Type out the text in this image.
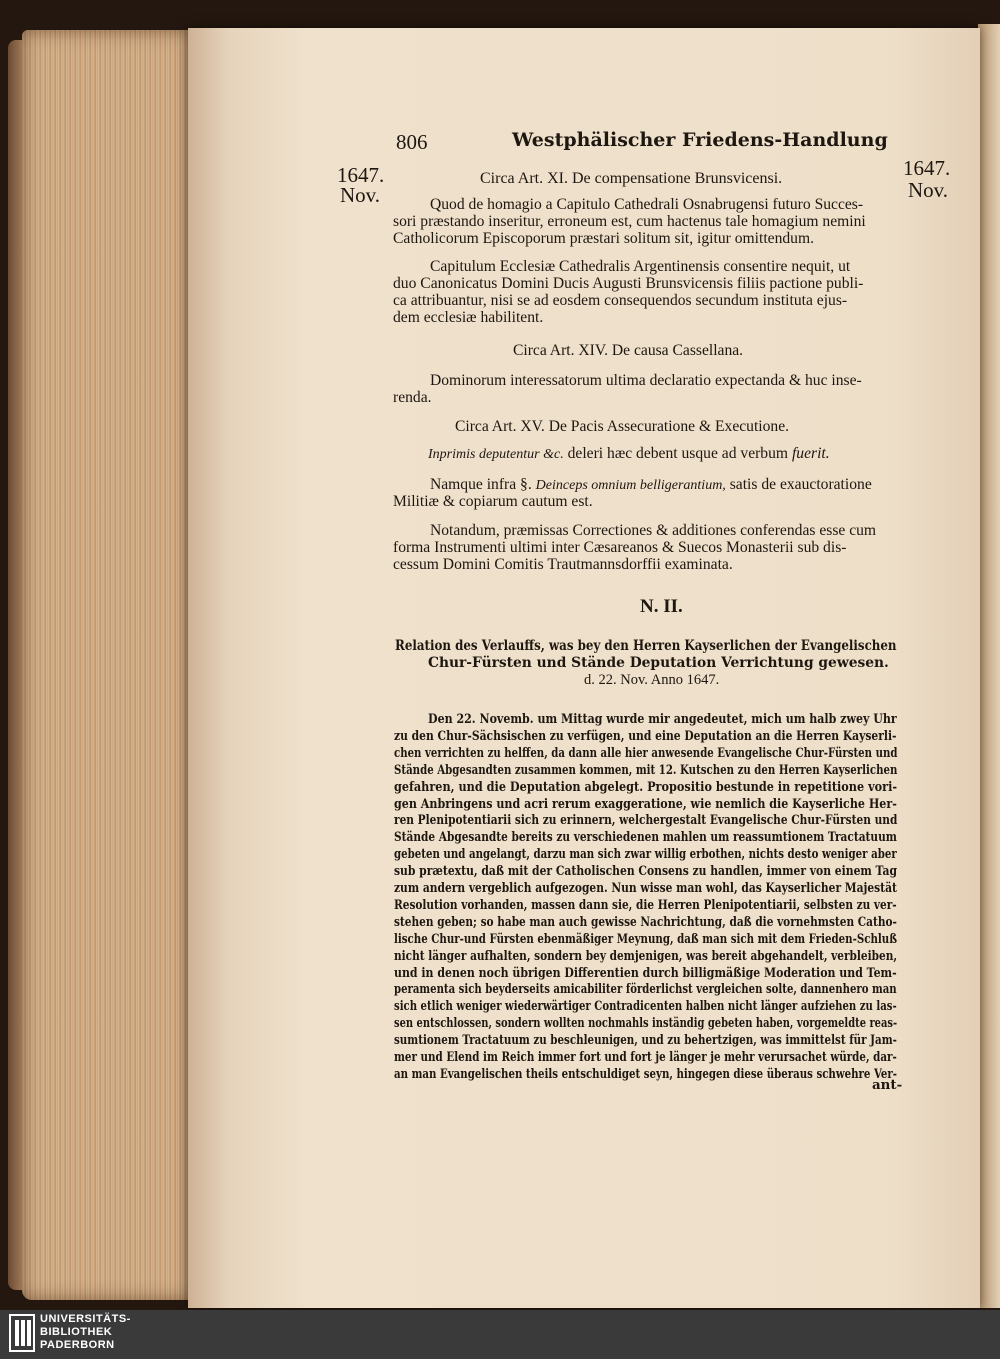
806	Westphälischer Friedens-Handlung
1647.
Nov.
1647.
Nov.
Circa Art. XI. De compensatione Brunsvicensi.
Quod de homagio a Capitulo Cathedrali Osnabrugensi futuro Succes-
sori præstando inseritur, erroneum est, cum hactenus tale homagium nemini
Catholicorum Episcoporum præstari solitum sit, igitur omittendum.
Capitulum Ecclesiæ Cathedralis Argentinensis consentire nequit, ut
duo Canonicatus Domini Ducis Augusti Brunsvicensis filiis pactione publi-
ca attribuantur, nisi se ad eosdem consequendos secundum instituta ejus-
dem ecclesiæ habilitent.
Circa Art. XIV. De causa Cassellana.
Dominorum interessatorum ultima declaratio expectanda & huc inse-
renda.
Circa Art. XV. De Pacis Assecuratione & Executione.
Inprimis deputentur &c. deleri hæc debent usque ad verbum fuerit.
Namque infra §. Deinceps omnium belligerantium, satis de exauctoratione
Militiæ & copiarum cautum est.
Notandum, præmissas Correctiones & additiones conferendas esse cum
forma Instrumenti ultimi inter Cæsareanos & Suecos Monasterii sub dis-
cessum Domini Comitis Trautmannsdorffii examinata.
N. II.
Relation des Verlauffs, was bey den Herren Kayserlichen der Evangelischen
Chur-Fürsten und Stände Deputation Verrichtung gewesen.
d. 22. Nov. Anno 1647.
Den 22. Novemb. um Mittag wurde mir angedeutet, mich um halb zwey Uhr
zu den Chur-Sächsischen zu verfügen, und eine Deputation an die Herren Kayserli-
chen verrichten zu helffen, da dann alle hier anwesende Evangelische Chur-Fürsten und
Stände Abgesandten zusammen kommen, mit 12. Kutschen zu den Herren Kayserlichen
gefahren, und die Deputation abgelegt. Propositio bestunde in repetitione vori-
gen Anbringens und acri rerum exaggeratione, wie nemlich die Kayserliche Her-
ren Plenipotentiarii sich zu erinnern, welchergestalt Evangelische Chur-Fürsten und
Stände Abgesandte bereits zu verschiedenen mahlen um reassumtionem Tractatuum
gebeten und angelangt, darzu man sich zwar willig erbothen, nichts desto weniger aber
sub prætextu, daß mit der Catholischen Consens zu handlen, immer von einem Tag
zum andern vergeblich aufgezogen. Nun wisse man wohl, das Kayserlicher Majestät
Resolution vorhanden, massen dann sie, die Herren Plenipotentiarii, selbsten zu ver-
stehen geben; so habe man auch gewisse Nachrichtung, daß die vornehmsten Catho-
lische Chur-und Fürsten ebenmäßiger Meynung, daß man sich mit dem Frieden-Schluß
nicht länger aufhalten, sondern bey demjenigen, was bereit abgehandelt, verbleiben,
und in denen noch übrigen Differentien durch billigmäßige Moderation und Tem-
peramenta sich beyderseits amicabiliter förderlichst vergleichen solte, dannenhero man
sich etlich weniger wiederwärtiger Contradicenten halben nicht länger aufziehen zu las-
sen entschlossen, sondern wollten nochmahls inständig gebeten haben, vorgemeldte reas-
sumtionem Tractatuum zu beschleunigen, und zu behertzigen, was immittelst für Jam-
mer und Elend im Reich immer fort und fort je länger je mehr verursachet würde, dar-
an man Evangelischen theils entschuldiget seyn, hingegen diese überaus schwehre Ver-
ant-
UNIVERSITÄTS-
BIBLIOTHEK
PADERBORN
